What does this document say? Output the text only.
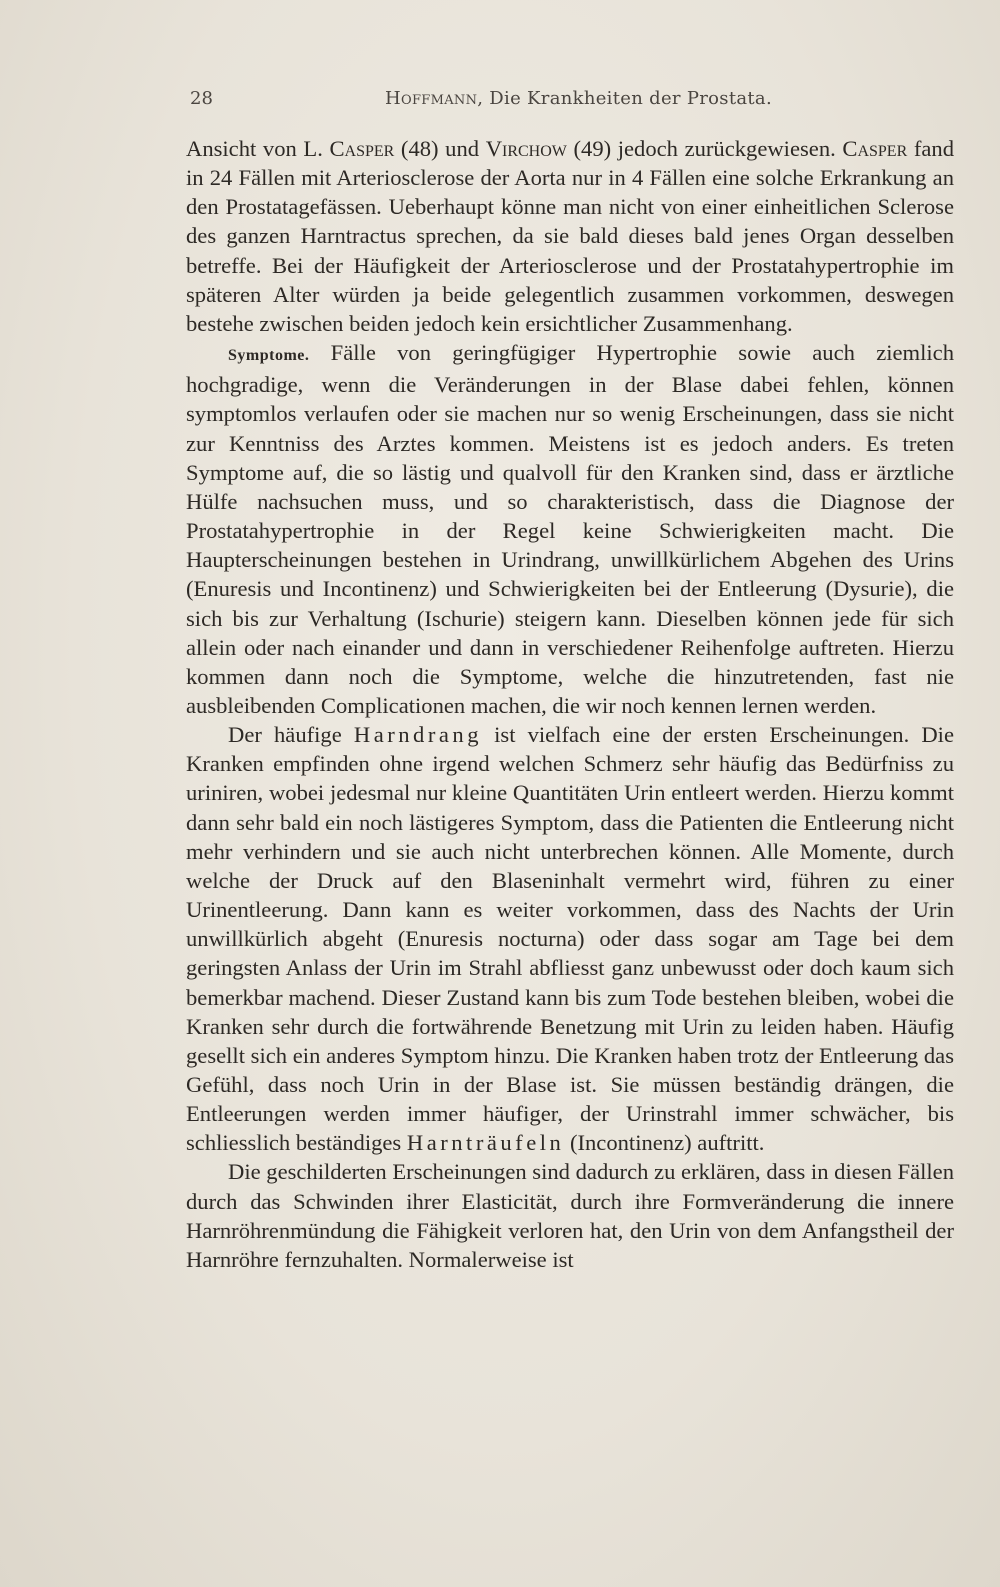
28	Hoffmann, Die Krankheiten der Prostata.

Ansicht von L. Casper (48) und Virchow (49) jedoch zurückgewiesen. Casper fand in 24 Fällen mit Arteriosclerose der Aorta nur in 4 Fällen eine solche Erkrankung an den Prostatagefässen. Ueberhaupt könne man nicht von einer einheitlichen Sclerose des ganzen Harntractus sprechen, da sie bald dieses bald jenes Organ desselben betreffe. Bei der Häufigkeit der Arteriosclerose und der Prostatahypertrophie im späteren Alter würden ja beide gelegentlich zusammen vorkommen, deswegen bestehe zwischen beiden jedoch kein ersichtlicher Zusammenhang.

Symptome. Fälle von geringfügiger Hypertrophie sowie auch ziemlich hochgradige, wenn die Veränderungen in der Blase dabei fehlen, können symptomlos verlaufen oder sie machen nur so wenig Erscheinungen, dass sie nicht zur Kenntniss des Arztes kommen. Meistens ist es jedoch anders. Es treten Symptome auf, die so lästig und qualvoll für den Kranken sind, dass er ärztliche Hülfe nachsuchen muss, und so charakteristisch, dass die Diagnose der Prostatahypertrophie in der Regel keine Schwierigkeiten macht. Die Haupterscheinungen bestehen in Urindrang, unwillkürlichem Abgehen des Urins (Enuresis und Incontinenz) und Schwierigkeiten bei der Entleerung (Dysurie), die sich bis zur Verhaltung (Ischurie) steigern kann. Dieselben können jede für sich allein oder nach einander und dann in verschiedener Reihenfolge auftreten. Hierzu kommen dann noch die Symptome, welche die hinzutretenden, fast nie ausbleibenden Complicationen machen, die wir noch kennen lernen werden.

Der häufige Harndrang ist vielfach eine der ersten Erscheinungen. Die Kranken empfinden ohne irgend welchen Schmerz sehr häufig das Bedürfniss zu uriniren, wobei jedesmal nur kleine Quantitäten Urin entleert werden. Hierzu kommt dann sehr bald ein noch lästigeres Symptom, dass die Patienten die Entleerung nicht mehr verhindern und sie auch nicht unterbrechen können. Alle Momente, durch welche der Druck auf den Blaseninhalt vermehrt wird, führen zu einer Urinentleerung. Dann kann es weiter vorkommen, dass des Nachts der Urin unwillkürlich abgeht (Enuresis nocturna) oder dass sogar am Tage bei dem geringsten Anlass der Urin im Strahl abfliesst ganz unbewusst oder doch kaum sich bemerkbar machend. Dieser Zustand kann bis zum Tode bestehen bleiben, wobei die Kranken sehr durch die fortwährende Benetzung mit Urin zu leiden haben. Häufig gesellt sich ein anderes Symptom hinzu. Die Kranken haben trotz der Entleerung das Gefühl, dass noch Urin in der Blase ist. Sie müssen beständig drängen, die Entleerungen werden immer häufiger, der Urinstrahl immer schwächer, bis schliesslich beständiges Harnträufeln (Incontinenz) auftritt.

Die geschilderten Erscheinungen sind dadurch zu erklären, dass in diesen Fällen durch das Schwinden ihrer Elasticität, durch ihre Formveränderung die innere Harnröhrenmündung die Fähigkeit verloren hat, den Urin von dem Anfangstheil der Harnröhre fernzuhalten. Normalerweise ist
